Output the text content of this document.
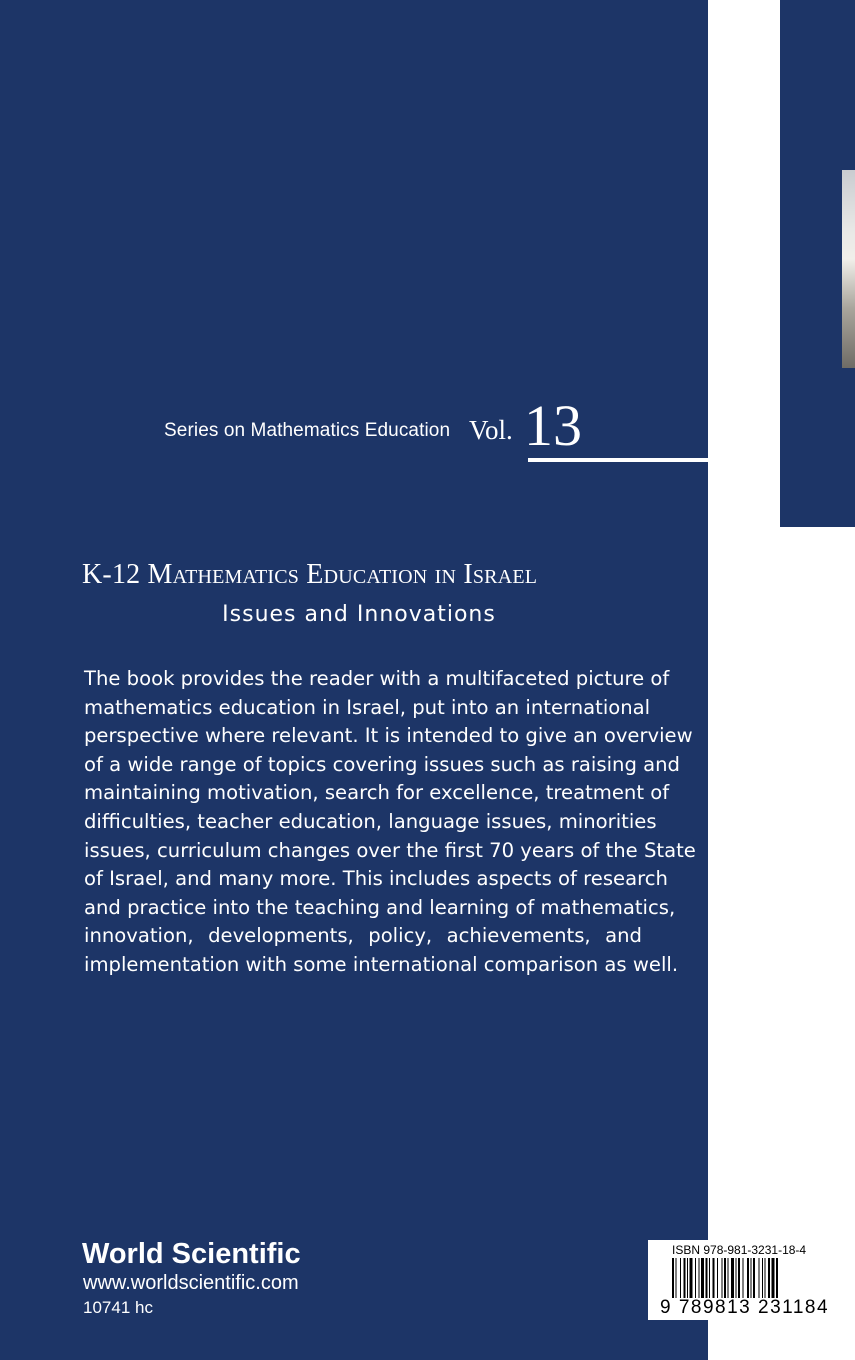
Series on Mathematics Education Vol. 13
K-12 Mathematics Education in Israel
Issues and Innovations

The book provides the reader with a multifaceted picture of
mathematics education in Israel, put into an international
perspective where relevant. It is intended to give an overview
of a wide range of topics covering issues such as raising and
maintaining motivation, search for excellence, treatment of
difficulties, teacher education, language issues, minorities
issues, curriculum changes over the first 70 years of the State
of Israel, and many more. This includes aspects of research
and practice into the teaching and learning of mathematics,
innovation, developments, policy, achievements, and
implementation with some international comparison as well.

World Scientific
www.worldscientific.com
10741 hc
ISBN 978-981-3231-18-4
9 789813 231184
